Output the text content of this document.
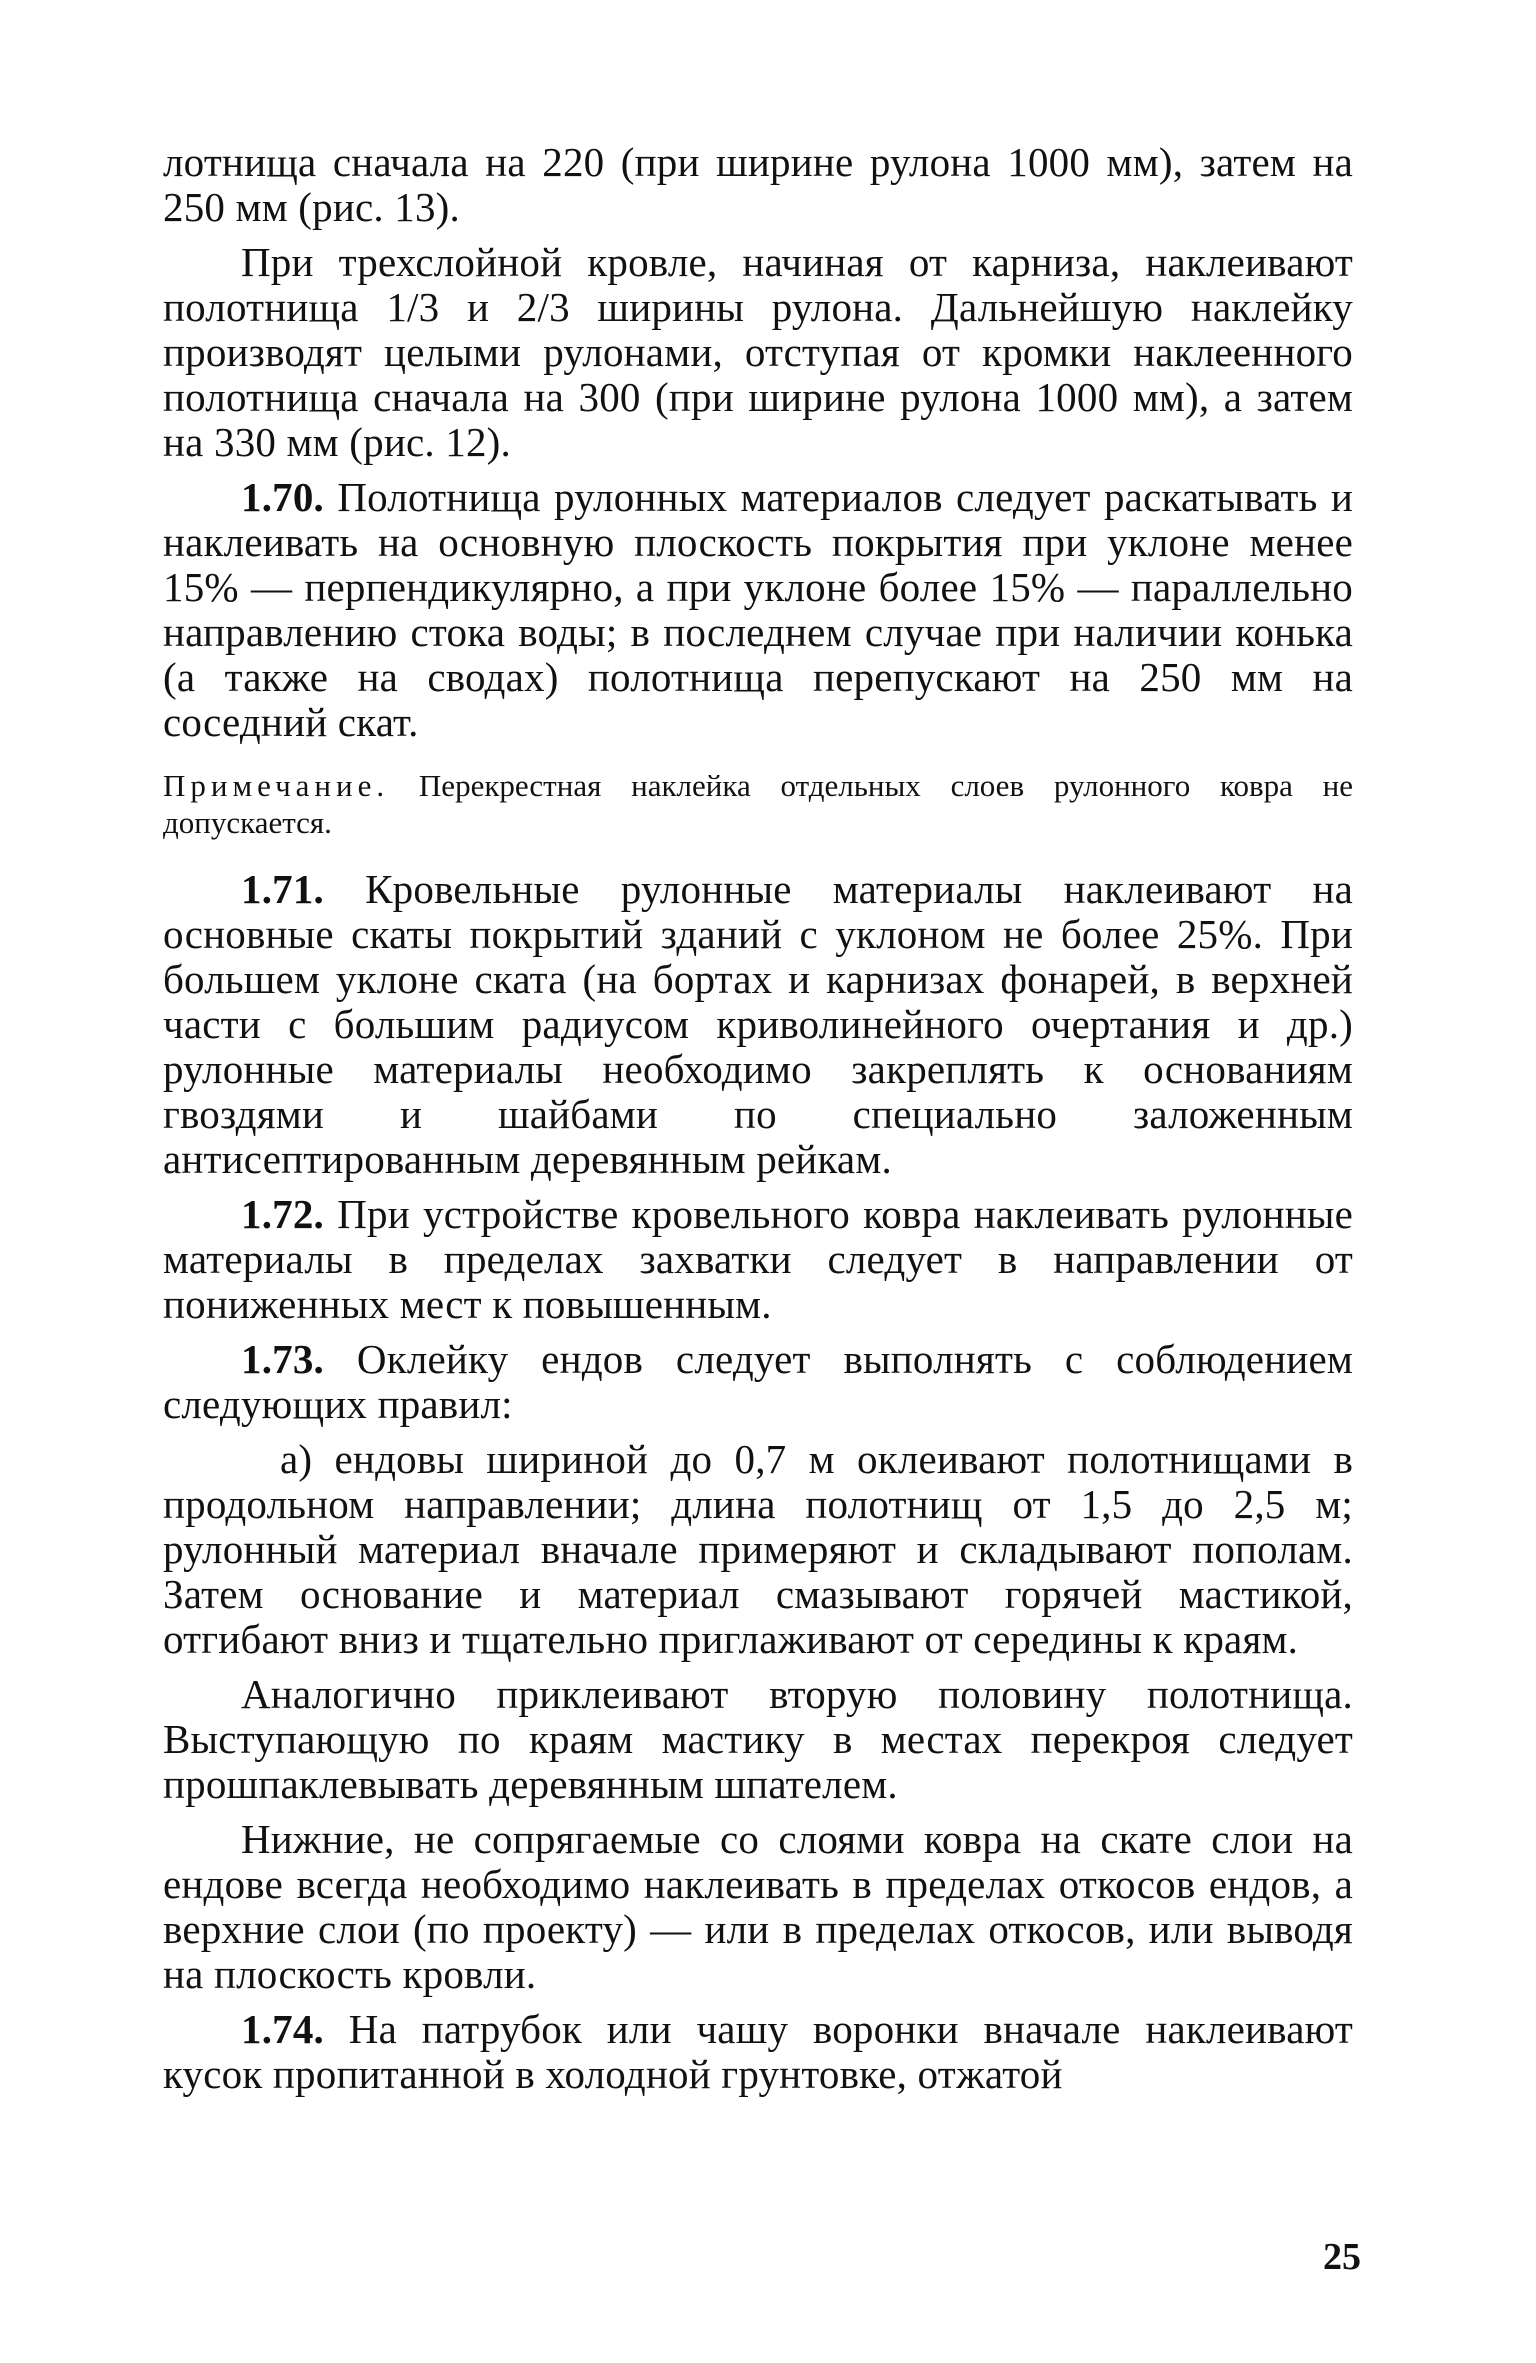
лотнища сначала на 220 (при ширине рулона 1000 мм), затем на 250 мм (рис. 13).

При трехслойной кровле, начиная от карниза, наклеивают полотнища 1/3 и 2/3 ширины рулона. Дальнейшую наклейку производят целыми рулонами, отступая от кромки наклеенного полотнища сначала на 300 (при ширине рулона 1000 мм), а затем на 330 мм (рис. 12).

1.70. Полотнища рулонных материалов следует раскатывать и наклеивать на основную плоскость покрытия при уклоне менее 15% — перпендикулярно, а при уклоне более 15% — параллельно направлению стока воды; в последнем случае при наличии конька (а также на сводах) полотнища перепускают на 250 мм на соседний скат.

Примечание. Перекрестная наклейка отдельных слоев рулонного ковра не допускается.

1.71. Кровельные рулонные материалы наклеивают на основные скаты покрытий зданий с уклоном не более 25%. При большем уклоне ската (на бортах и карнизах фонарей, в верхней части с большим радиусом криволинейного очертания и др.) рулонные материалы необходимо закреплять к основаниям гвоздями и шайбами по специально заложенным антисептированным деревянным рейкам.

1.72. При устройстве кровельного ковра наклеивать рулонные материалы в пределах захватки следует в направлении от пониженных мест к повышенным.

1.73. Оклейку ендов следует выполнять с соблюдением следующих правил:

а) ендовы шириной до 0,7 м оклеивают полотнищами в продольном направлении; длина полотнищ от 1,5 до 2,5 м; рулонный материал вначале примеряют и складывают пополам. Затем основание и материал смазывают горячей мастикой, отгибают вниз и тщательно приглаживают от середины к краям.

Аналогично приклеивают вторую половину полотнища. Выступающую по краям мастику в местах перекроя следует прошпаклевывать деревянным шпателем.

Нижние, не сопрягаемые со слоями ковра на скате слои на ендове всегда необходимо наклеивать в пределах откосов ендов, а верхние слои (по проекту) — или в пределах откосов, или выводя на плоскость кровли.

1.74. На патрубок или чашу воронки вначале наклеивают кусок пропитанной в холодной грунтовке, отжатой

25
